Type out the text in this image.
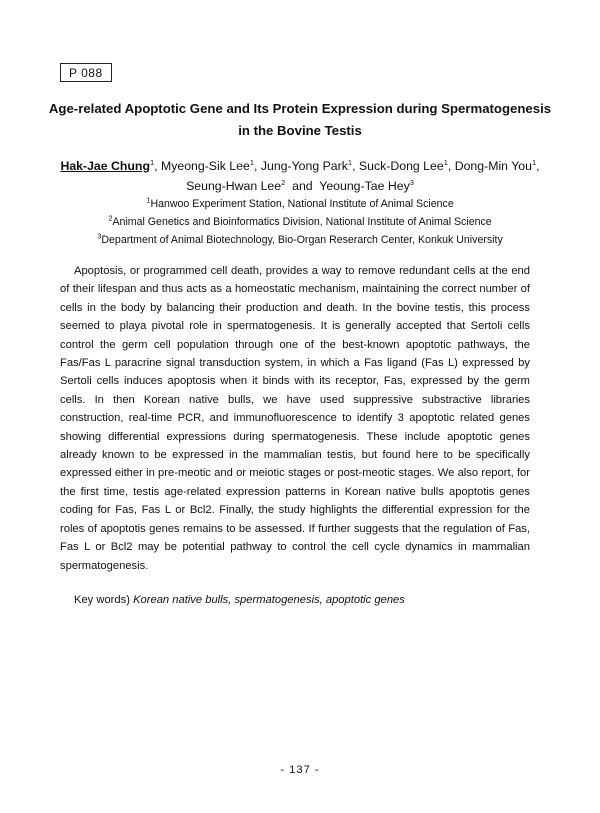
P 088
Age-related Apoptotic Gene and Its Protein Expression during Spermatogenesis
in the Bovine Testis
Hak-Jae Chung$^1$, Myeong-Sik Lee$^1$, Jung-Yong Park$^1$, Suck-Dong Lee$^1$, Dong-Min You$^1$,
Seung-Hwan Lee$^2$  and  Yeoung-Tae Hey$^3$
$^1$Hanwoo Experiment Station, National Institute of Animal Science
$^2$Animal Genetics and Bioinformatics Division, National Institute of Animal Science
$^3$Department of Animal Biotechnology, Bio-Organ Reserarch Center, Konkuk University

Apoptosis, or programmed cell death, provides a way to remove redundant cells at the end of their lifespan and thus acts as a homeostatic mechanism, maintaining the correct number of cells in the body by balancing their production and death. In the bovine testis, this process seemed to playa pivotal role in spermatogenesis. It is generally accepted that Sertoli cells control the germ cell population through one of the best-known apoptotic pathways, the Fas/Fas L paracrine signal transduction system, in which a Fas ligand (Fas L) expressed by Sertoli cells induces apoptosis when it binds with its receptor, Fas, expressed by the germ cells. In then Korean native bulls, we have used suppressive substractive libraries construction, real-time PCR, and immunofluorescence to identify 3 apoptotic related genes showing differential expressions during spermatogenesis. These include apoptotic genes already known to be expressed in the mammalian testis, but found here to be specifically expressed either in pre-meotic and or meiotic stages or post-meotic stages. We also report, for the first time, testis age-related expression patterns in Korean native bulls apoptotis genes coding for Fas, Fas L or Bcl2. Finally, the study highlights the differential expression for the roles of apoptotis genes remains to be assessed. If further suggests that the regulation of Fas, Fas L or Bcl2 may be potential pathway to control the cell cycle dynamics in mammalian spermatogenesis.

Key words) Korean native bulls, spermatogenesis, apoptotic genes
- 137 -
